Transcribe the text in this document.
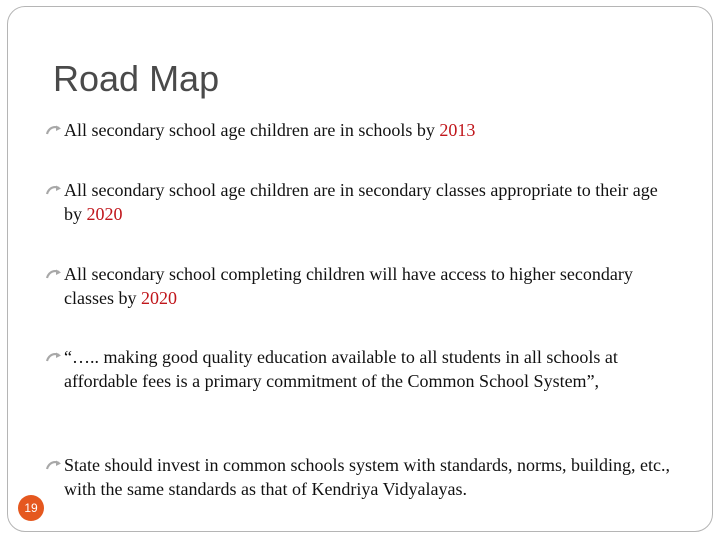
Road Map
All secondary school age children are in schools by 2013
All secondary school age children are in secondary classes appropriate to their age by 2020
All secondary school completing children will have access to higher secondary classes by 2020
“….. making good quality education available to all students in all schools at affordable fees is a primary commitment of the Common School System”,
State should invest in common schools system with standards, norms, building, etc., with the same standards as that of Kendriya Vidyalayas.
19
